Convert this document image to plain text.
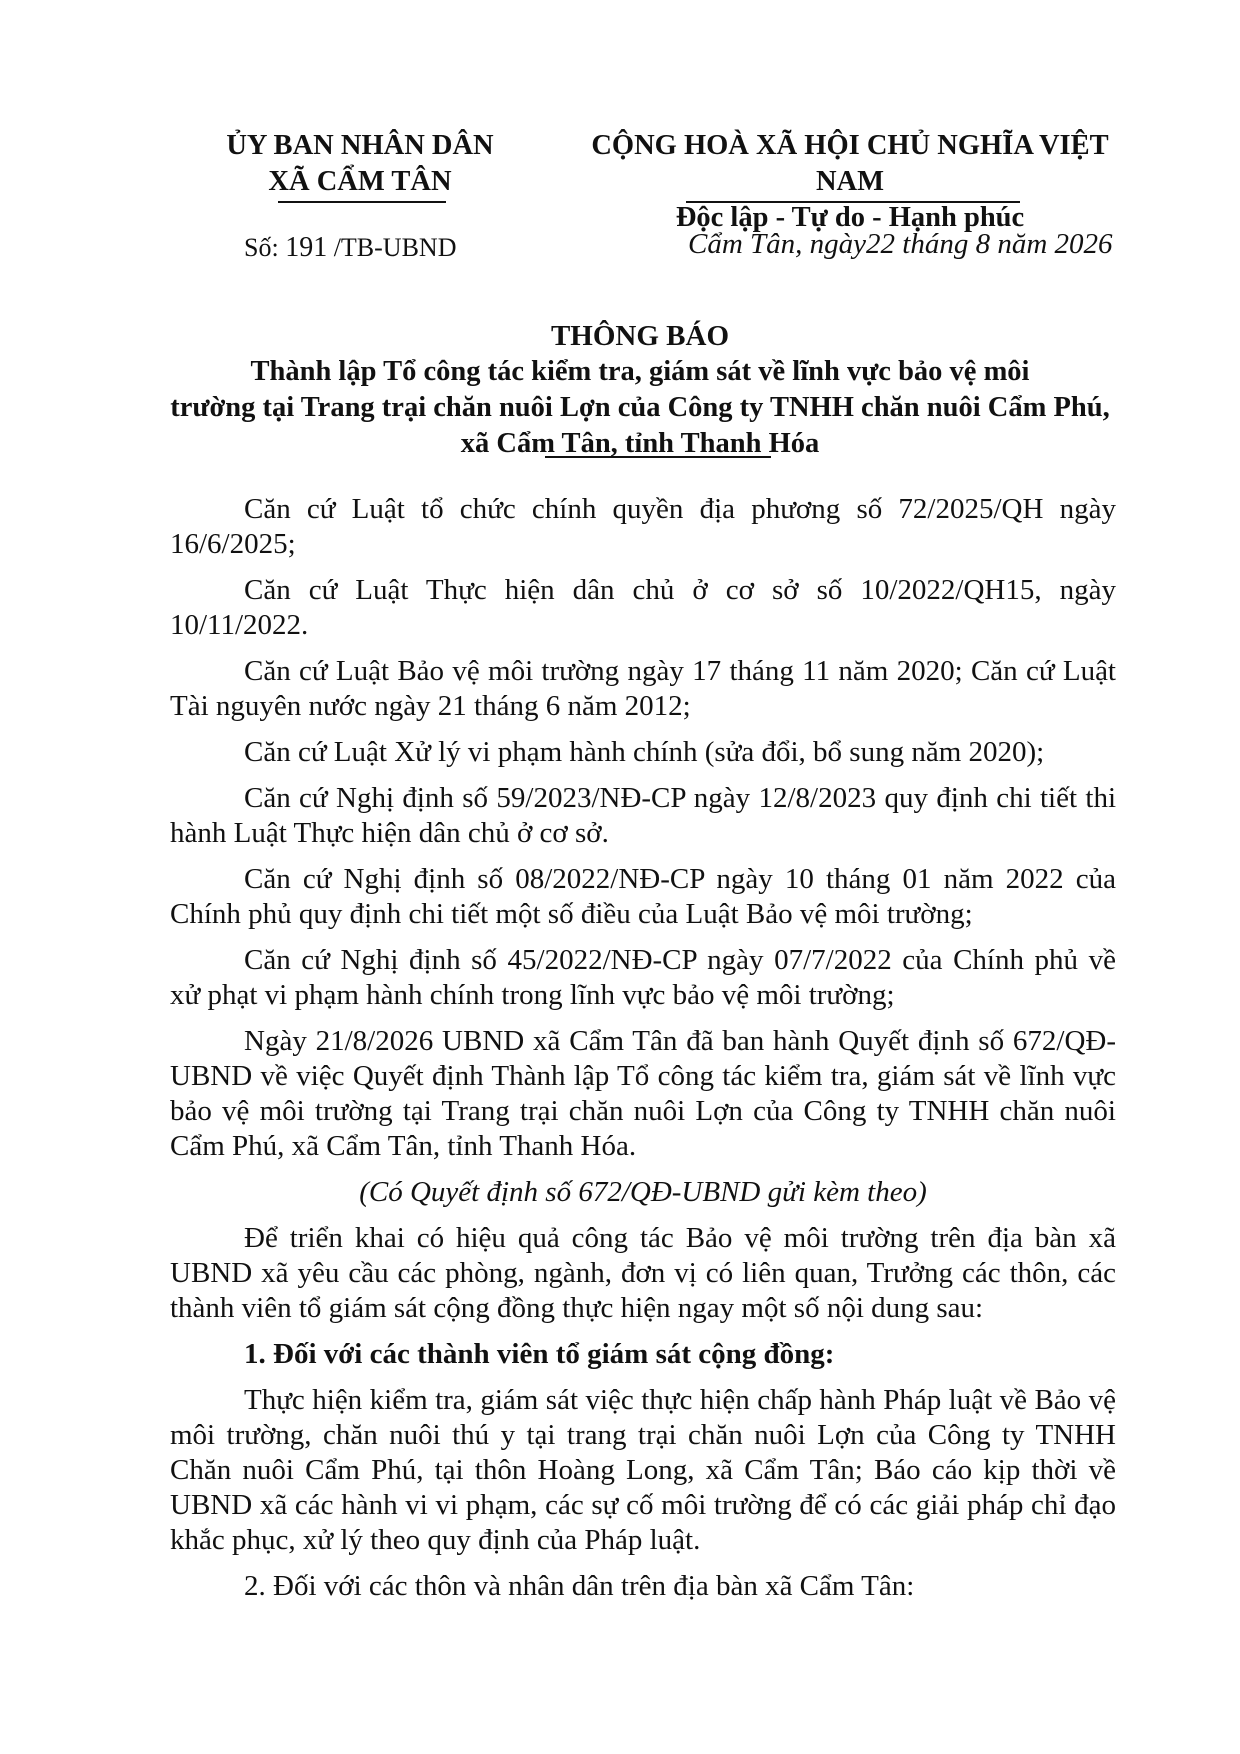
ỦY BAN NHÂN DÂN
XÃ CẨM TÂN
CỘNG HOÀ XÃ HỘI CHỦ NGHĨA VIỆT NAM
Độc lập - Tự do - Hạnh phúc
Số: 191 /TB-UBND	Cẩm Tân, ngày22 tháng 8 năm 2026
THÔNG BÁO
Thành lập Tổ công tác kiểm tra, giám sát về lĩnh vực bảo vệ môi
trường tại Trang trại chăn nuôi Lợn của Công ty TNHH chăn nuôi Cẩm Phú,
xã Cẩm Tân, tỉnh Thanh Hóa

Căn cứ Luật tổ chức chính quyền địa phương số 72/2025/QH ngày 16/6/2025;

Căn cứ Luật Thực hiện dân chủ ở cơ sở số 10/2022/QH15, ngày 10/11/2022.

Căn cứ Luật Bảo vệ môi trường ngày 17 tháng 11 năm 2020; Căn cứ Luật Tài nguyên nước ngày 21 tháng 6 năm 2012;

Căn cứ Luật Xử lý vi phạm hành chính (sửa đổi, bổ sung năm 2020);

Căn cứ Nghị định số 59/2023/NĐ-CP ngày 12/8/2023 quy định chi tiết thi hành Luật Thực hiện dân chủ ở cơ sở.

Căn cứ Nghị định số 08/2022/NĐ-CP ngày 10 tháng 01 năm 2022 của Chính phủ quy định chi tiết một số điều của Luật Bảo vệ môi trường;

Căn cứ Nghị định số 45/2022/NĐ-CP ngày 07/7/2022 của Chính phủ về xử phạt vi phạm hành chính trong lĩnh vực bảo vệ môi trường;

Ngày 21/8/2026 UBND xã Cẩm Tân đã ban hành Quyết định số 672/QĐ-UBND về việc Quyết định Thành lập Tổ công tác kiểm tra, giám sát về lĩnh vực bảo vệ môi trường tại Trang trại chăn nuôi Lợn của Công ty TNHH chăn nuôi Cẩm Phú, xã Cẩm Tân, tỉnh Thanh Hóa.

(Có Quyết định số 672/QĐ-UBND gửi kèm theo)

Để triển khai có hiệu quả công tác Bảo vệ môi trường trên địa bàn xã UBND xã yêu cầu các phòng, ngành, đơn vị có liên quan, Trưởng các thôn, các thành viên tổ giám sát cộng đồng thực hiện ngay một số nội dung sau:

1. Đối với các thành viên tổ giám sát cộng đồng:

Thực hiện kiểm tra, giám sát việc thực hiện chấp hành Pháp luật về Bảo vệ môi trường, chăn nuôi thú y tại trang trại chăn nuôi Lợn của Công ty TNHH Chăn nuôi Cẩm Phú, tại thôn Hoàng Long, xã Cẩm Tân; Báo cáo kịp thời về UBND xã các hành vi vi phạm, các sự cố môi trường để có các giải pháp chỉ đạo khắc phục, xử lý theo quy định của Pháp luật.

2. Đối với các thôn và nhân dân trên địa bàn xã Cẩm Tân:
